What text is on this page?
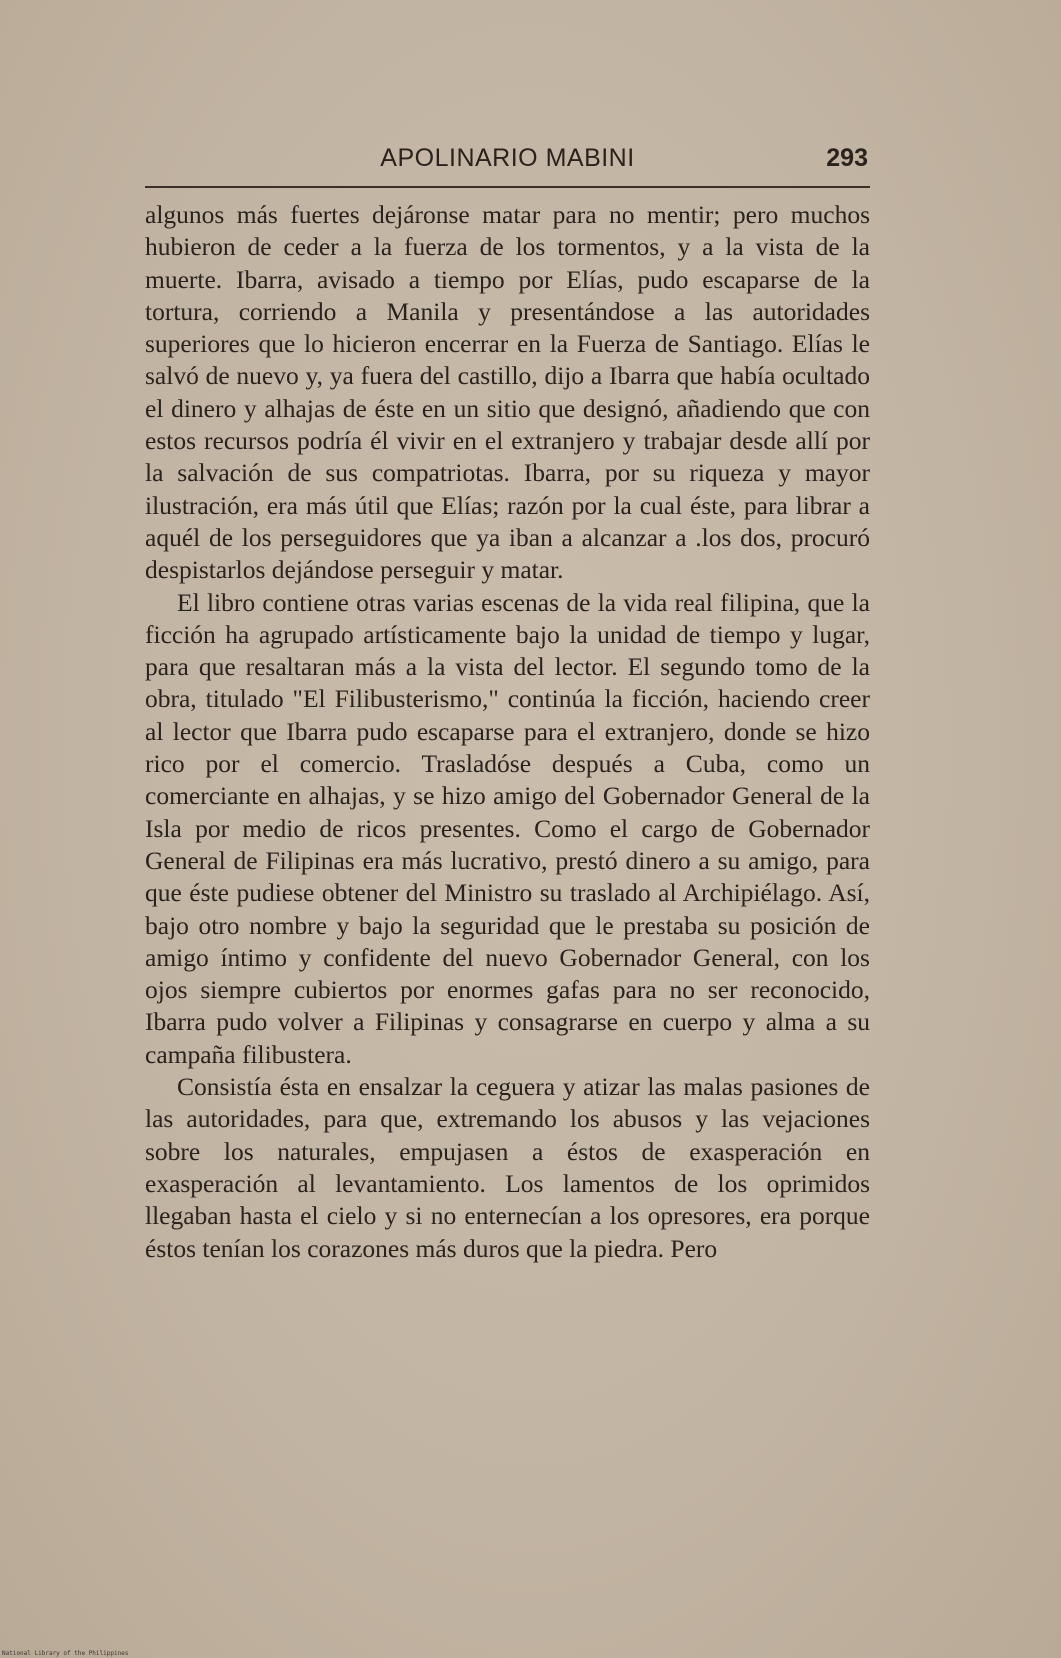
APOLINARIO MABINI	293

algunos más fuertes dejáronse matar para no mentir; pero muchos hubieron de ceder a la fuerza de los tormentos, y a la vista de la muerte. Ibarra, avisado a tiempo por Elías, pudo escaparse de la tortura, corriendo a Manila y presentándose a las autoridades superiores que lo hicieron encerrar en la Fuerza de Santiago. Elías le salvó de nuevo y, ya fuera del castillo, dijo a Ibarra que había ocultado el dinero y alhajas de éste en un sitio que designó, añadiendo que con estos recursos podría él vivir en el extranjero y trabajar desde allí por la salvación de sus compatriotas. Ibarra, por su riqueza y mayor ilustración, era más útil que Elías; razón por la cual éste, para librar a aquél de los perseguidores que ya iban a alcanzar a .los dos, procuró despistarlos dejándose perseguir y matar.

El libro contiene otras varias escenas de la vida real filipina, que la ficción ha agrupado artísticamente bajo la unidad de tiempo y lugar, para que resaltaran más a la vista del lector. El segundo tomo de la obra, titulado "El Filibusterismo," continúa la ficción, haciendo creer al lector que Ibarra pudo escaparse para el extranjero, donde se hizo rico por el comercio. Trasladóse después a Cuba, como un comerciante en alhajas, y se hizo amigo del Gobernador General de la Isla por medio de ricos presentes. Como el cargo de Gobernador General de Filipinas era más lucrativo, prestó dinero a su amigo, para que éste pudiese obtener del Ministro su traslado al Archipiélago. Así, bajo otro nombre y bajo la seguridad que le prestaba su posición de amigo íntimo y confidente del nuevo Gobernador General, con los ojos siempre cubiertos por enormes gafas para no ser reconocido, Ibarra pudo volver a Filipinas y consagrarse en cuerpo y alma a su campaña filibustera.

Consistía ésta en ensalzar la ceguera y atizar las malas pasiones de las autoridades, para que, extremando los abusos y las vejaciones sobre los naturales, empujasen a éstos de exasperación en exasperación al levantamiento. Los lamentos de los oprimidos llegaban hasta el cielo y si no enternecían a los opresores, era porque éstos tenían los corazones más duros que la piedra. Pero

National Library of the Philippines
